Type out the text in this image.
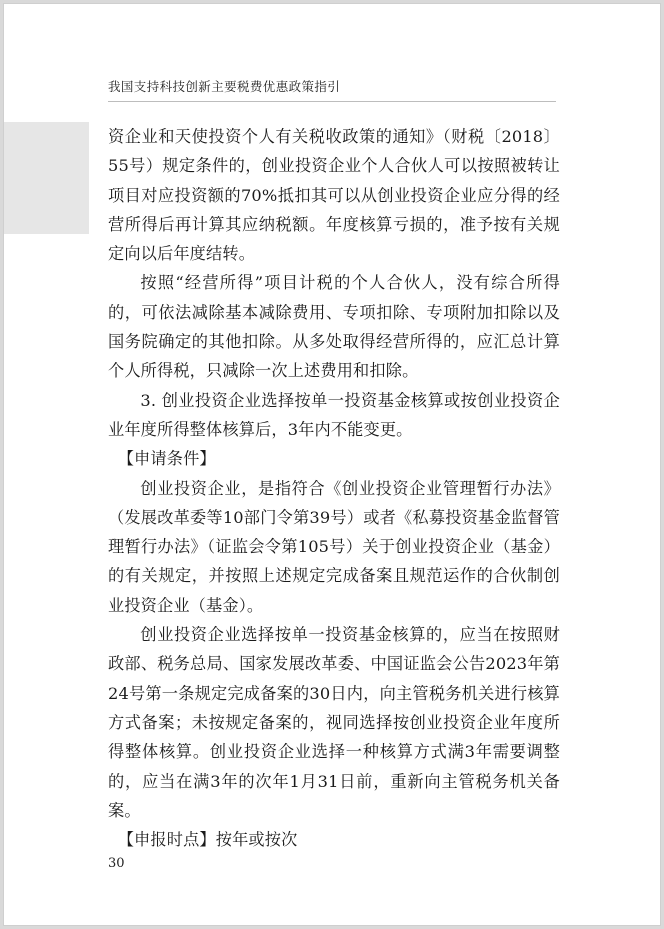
我国支持科技创新主要税费优惠政策指引

资企业和天使投资个人有关税收政策的通知》（财税〔2018〕55号）规定条件的，创业投资企业个人合伙人可以按照被转让项目对应投资额的70%抵扣其可以从创业投资企业应分得的经营所得后再计算其应纳税额。年度核算亏损的，准予按有关规定向以后年度结转。

按照“经营所得”项目计税的个人合伙人，没有综合所得的，可依法减除基本减除费用、专项扣除、专项附加扣除以及国务院确定的其他扣除。从多处取得经营所得的，应汇总计算个人所得税，只减除一次上述费用和扣除。

3. 创业投资企业选择按单一投资基金核算或按创业投资企业年度所得整体核算后，3年内不能变更。

【申请条件】

创业投资企业，是指符合《创业投资企业管理暂行办法》（发展改革委等10部门令第39号）或者《私募投资基金监督管理暂行办法》（证监会令第105号）关于创业投资企业（基金）的有关规定，并按照上述规定完成备案且规范运作的合伙制创业投资企业（基金）。

创业投资企业选择按单一投资基金核算的，应当在按照财政部、税务总局、国家发展改革委、中国证监会公告2023年第24号第一条规定完成备案的30日内，向主管税务机关进行核算方式备案；未按规定备案的，视同选择按创业投资企业年度所得整体核算。创业投资企业选择一种核算方式满3年需要调整的，应当在满3年的次年1月31日前，重新向主管税务机关备案。

【申报时点】按年或按次

30
